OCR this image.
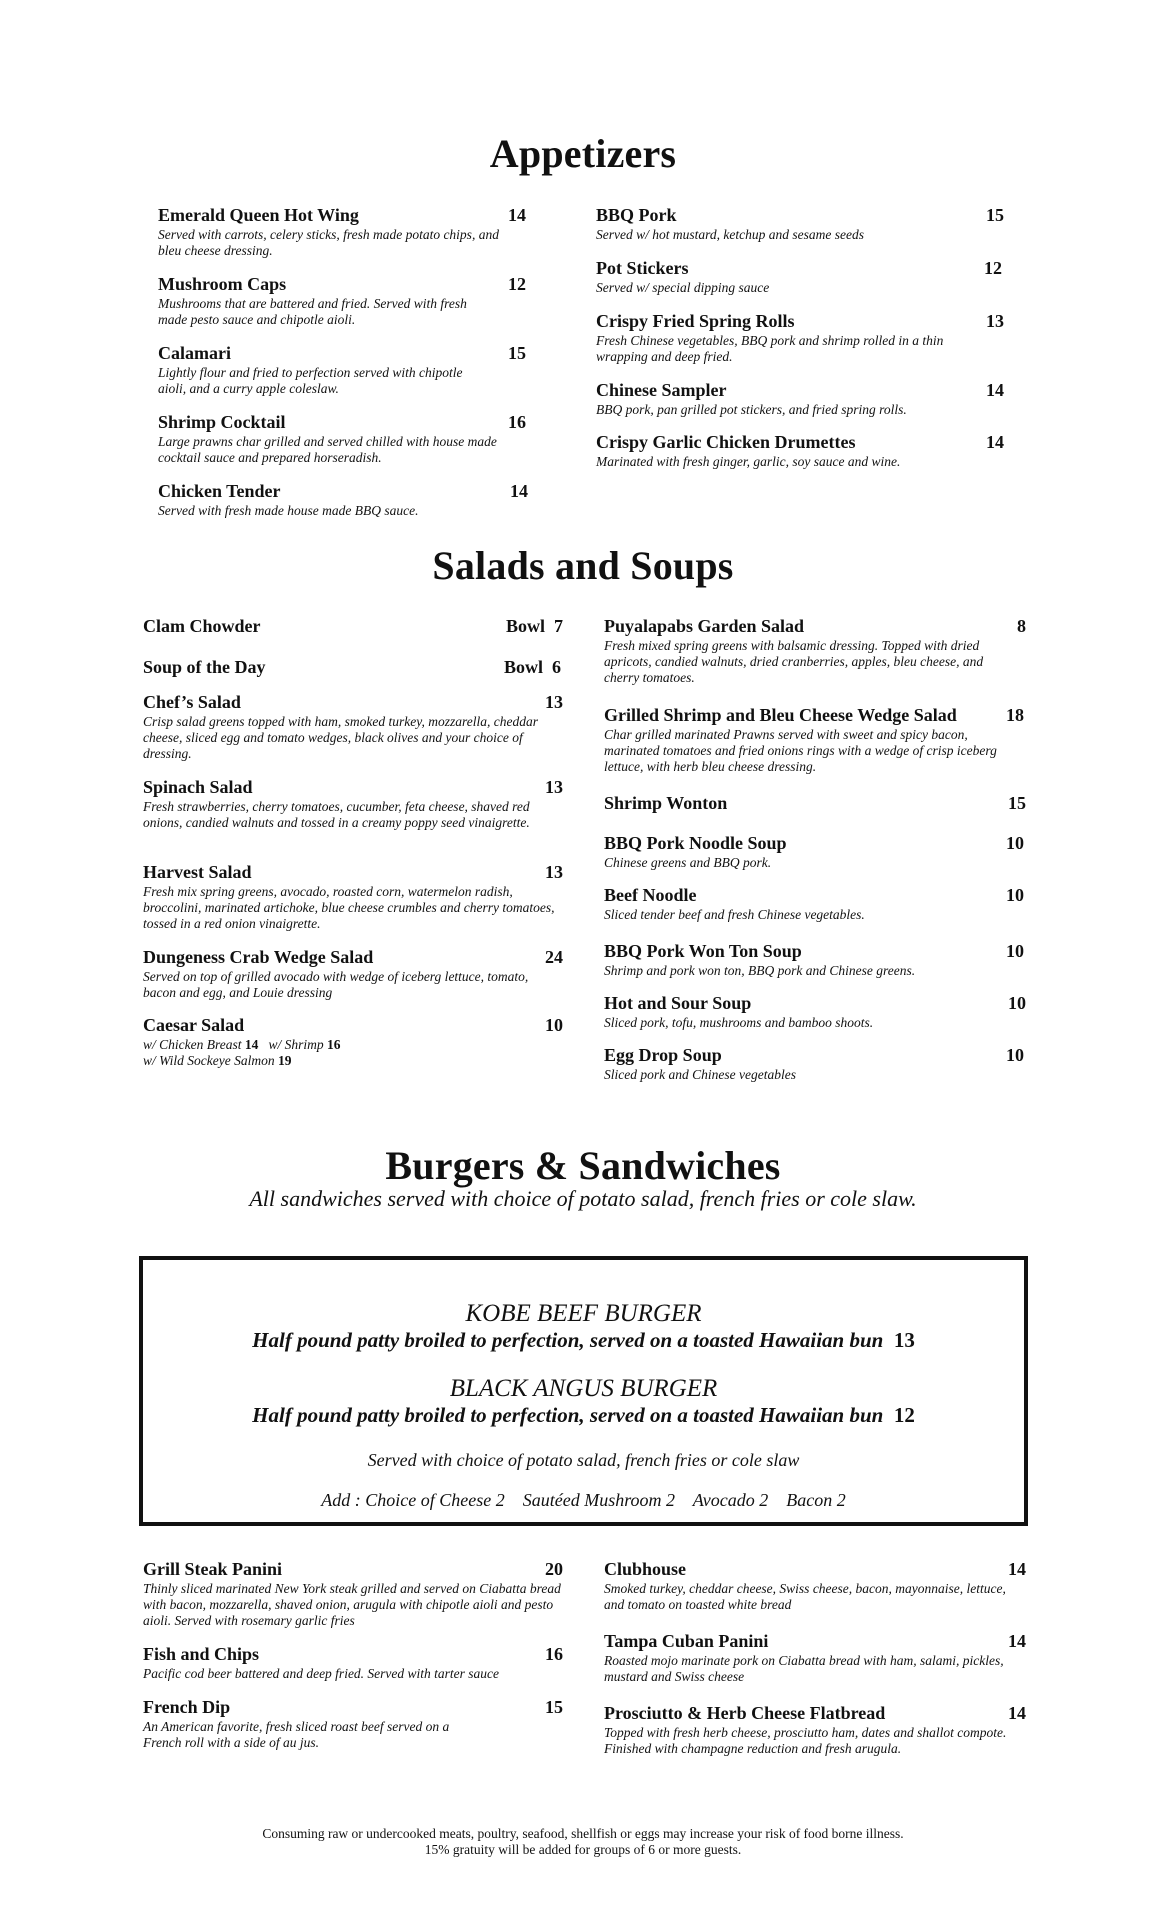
Appetizers
Emerald Queen Hot Wing	14
Served with carrots, celery sticks, fresh made potato chips, and bleu cheese dressing.
Mushroom Caps	12
Mushrooms that are battered and fried. Served with fresh made pesto sauce and chipotle aioli.
Calamari	15
Lightly flour and fried to perfection served with chipotle aioli, and a curry apple coleslaw.
Shrimp Cocktail	16
Large prawns char grilled and served chilled with house made cocktail sauce and prepared horseradish.
Chicken Tender	14
Served with fresh made house made BBQ sauce.
BBQ Pork	15
Served w/ hot mustard, ketchup and sesame seeds
Pot Stickers	12
Served w/ special dipping sauce
Crispy Fried Spring Rolls	13
Fresh Chinese vegetables, BBQ pork and shrimp rolled in a thin wrapping and deep fried.
Chinese Sampler	14
BBQ pork, pan grilled pot stickers, and fried spring rolls.
Crispy Garlic Chicken Drumettes	14
Marinated with fresh ginger, garlic, soy sauce and wine.
Salads and Soups
Clam Chowder	Bowl  7
Soup of the Day	Bowl  6
Chef’s Salad	13
Crisp salad greens topped with ham, smoked turkey, mozzarella, cheddar cheese, sliced egg and tomato wedges, black olives and your choice of dressing.
Spinach Salad	13
Fresh strawberries, cherry tomatoes, cucumber, feta cheese, shaved red onions, candied walnuts and tossed in a creamy poppy seed vinaigrette.
Harvest Salad	13
Fresh mix spring greens, avocado, roasted corn, watermelon radish, broccolini, marinated artichoke, blue cheese crumbles and cherry tomatoes, tossed in a red onion vinaigrette.
Dungeness Crab Wedge Salad	24
Served on top of grilled avocado with wedge of iceberg lettuce, tomato, bacon and egg, and Louie dressing
Caesar Salad	10
w/ Chicken Breast 14 w/ Shrimp 16
w/ Wild Sockeye Salmon 19
Puyalapabs Garden Salad	8
Fresh mixed spring greens with balsamic dressing. Topped with dried apricots, candied walnuts, dried cranberries, apples, bleu cheese, and cherry tomatoes.
Grilled Shrimp and Bleu Cheese Wedge Salad	18
Char grilled marinated Prawns served with sweet and spicy bacon, marinated tomatoes and fried onions rings with a wedge of crisp iceberg lettuce, with herb bleu cheese dressing.
Shrimp Wonton	15
BBQ Pork Noodle Soup	10
Chinese greens and BBQ pork.
Beef Noodle	10
Sliced tender beef and fresh Chinese vegetables.
BBQ Pork Won Ton Soup	10
Shrimp and pork won ton, BBQ pork and Chinese greens.
Hot and Sour Soup	10
Sliced pork, tofu, mushrooms and bamboo shoots.
Egg Drop Soup	10
Sliced pork and Chinese vegetables
Burgers & Sandwiches
All sandwiches served with choice of potato salad, french fries or cole slaw.
KOBE BEEF BURGER
Half pound patty broiled to perfection, served on a toasted Hawaiian bun 13
BLACK ANGUS BURGER
Half pound patty broiled to perfection, served on a toasted Hawaiian bun 12
Served with choice of potato salad, french fries or cole slaw
Add : Choice of Cheese 2    Sautéed Mushroom 2    Avocado 2    Bacon 2
Grill Steak Panini	20
Thinly sliced marinated New York steak grilled and served on Ciabatta bread with bacon, mozzarella, shaved onion, arugula with chipotle aioli and pesto aioli. Served with rosemary garlic fries
Fish and Chips	16
Pacific cod beer battered and deep fried. Served with tarter sauce
French Dip	15
An American favorite, fresh sliced roast beef served on a French roll with a side of au jus.
Clubhouse	14
Smoked turkey, cheddar cheese, Swiss cheese, bacon, mayonnaise, lettuce, and tomato on toasted white bread
Tampa Cuban Panini	14
Roasted mojo marinate pork on Ciabatta bread with ham, salami, pickles, mustard and Swiss cheese
Prosciutto & Herb Cheese Flatbread	14
Topped with fresh herb cheese, prosciutto ham, dates and shallot compote. Finished with champagne reduction and fresh arugula.
Consuming raw or undercooked meats, poultry, seafood, shellfish or eggs may increase your risk of food borne illness.
15% gratuity will be added for groups of 6 or more guests.
